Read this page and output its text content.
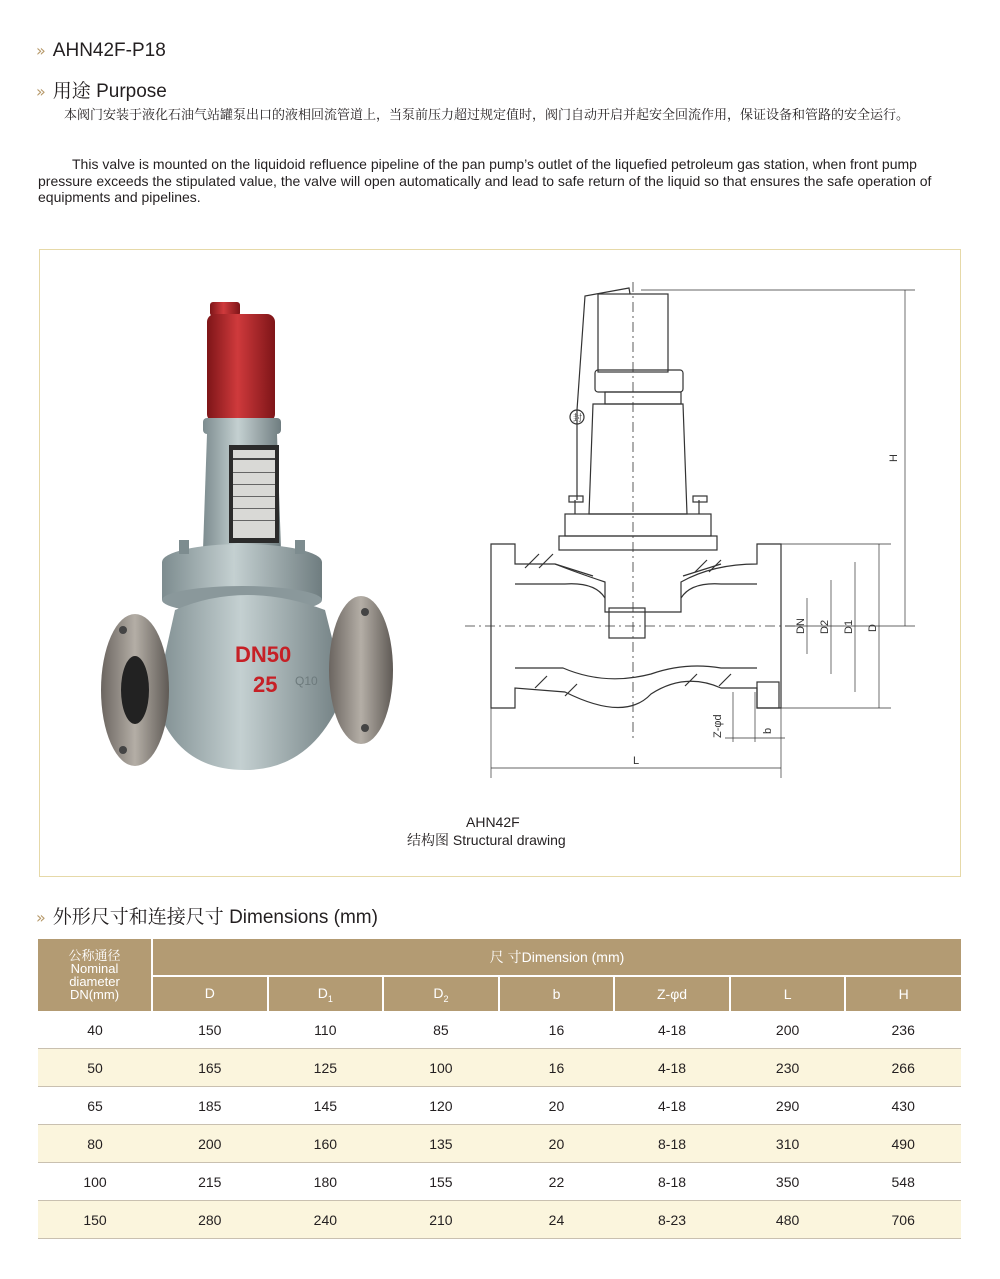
» AHN42F-P18
» 用途 Purpose
本阀门安装于液化石油气站罐泵出口的液相回流管道上，当泵前压力超过规定值时，阀门自动开启并起安全回流作用，保证设备和管路的安全运行。
This valve is mounted on the liquidoid refluence pipeline of the pan pump’s outlet of the liquefied petroleum gas station, when front pump pressure exceeds the stipulated value, the valve will open automatically and lead to safe return of the liquid so that ensures the safe operation of equipments and pipelines.
DN50
25 Q10
H
DN D2 D1 D
L
Z-φd	b
封
AHN42F
结构图 Structural drawing
» 外形尺寸和连接尺寸 Dimensions (mm)
公称通径
Nominal
diameter
DN(mm)	尺 寸Dimension (mm)						
	D	$D_1$	$D_2$	b	Z-φd	L	H
40	150	110	85	16	4-18	200	236
50	165	125	100	16	4-18	230	266
65	185	145	120	20	4-18	290	430
80	200	160	135	20	8-18	310	490
100	215	180	155	22	8-18	350	548
150	280	240	210	24	8-23	480	706
